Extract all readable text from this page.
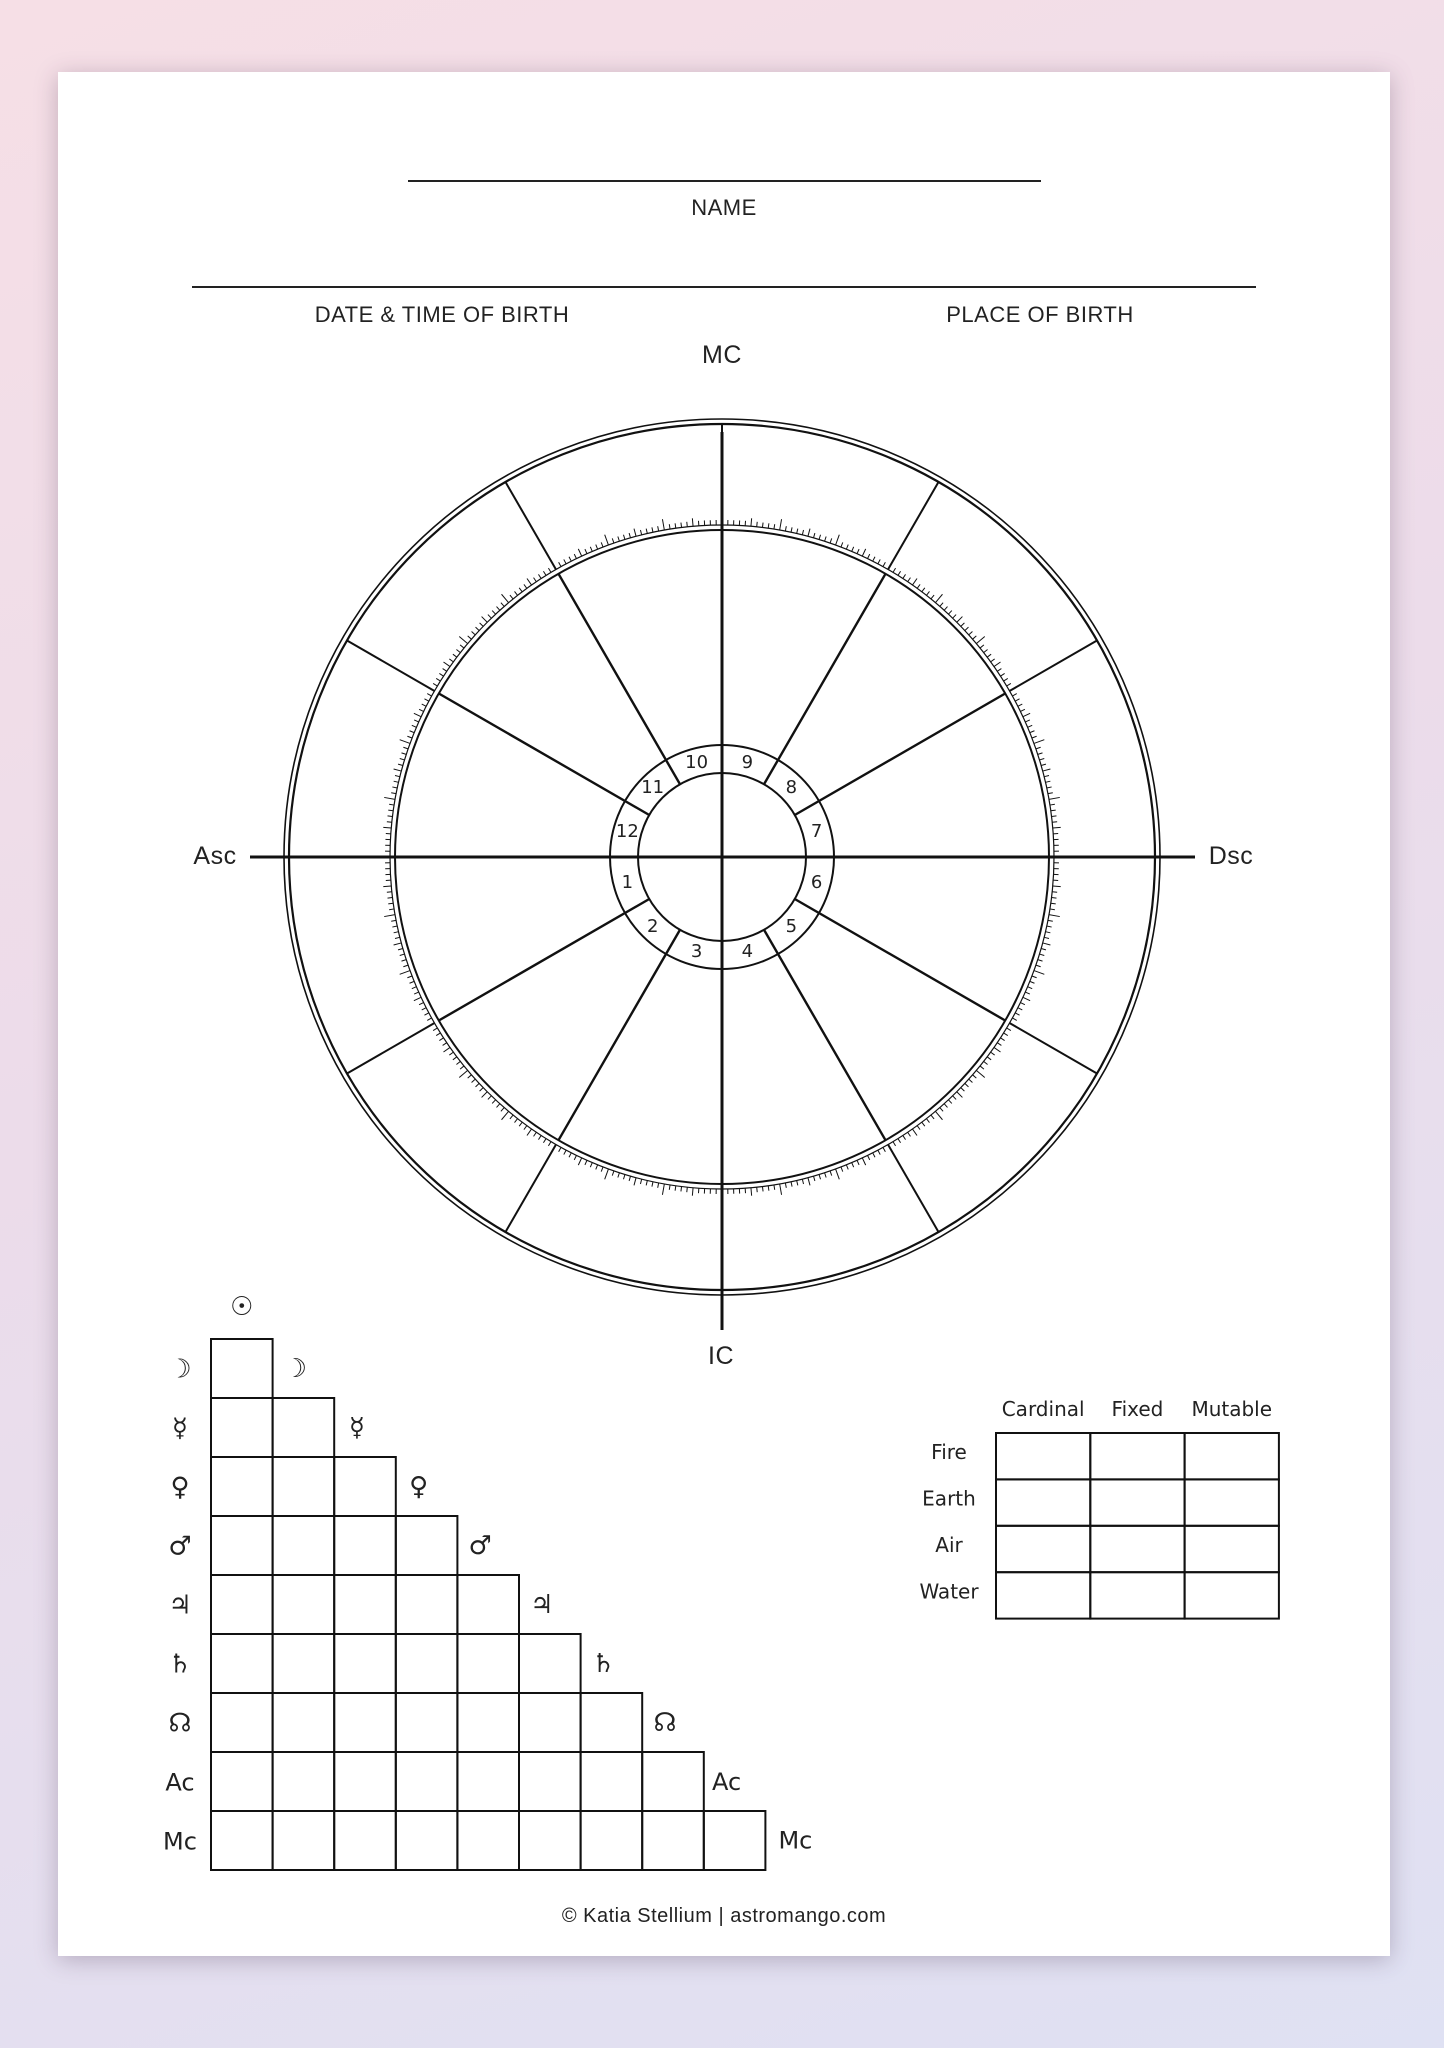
1
2
3 4
5
6
7
8
9
10
11
12
☽
☿
♀
♂
♃
♄
☊
Ac
Mc
☉
☽
☿
♀
♂
♃
♄
☊
Ac
Mc
Cardinal Fixed Mutable
Fire
Earth
Air
Water
NAME
DATE & TIME OF BIRTH	PLACE OF BIRTH
MC
Asc	Dsc
IC
© Katia Stellium | astromango.com
